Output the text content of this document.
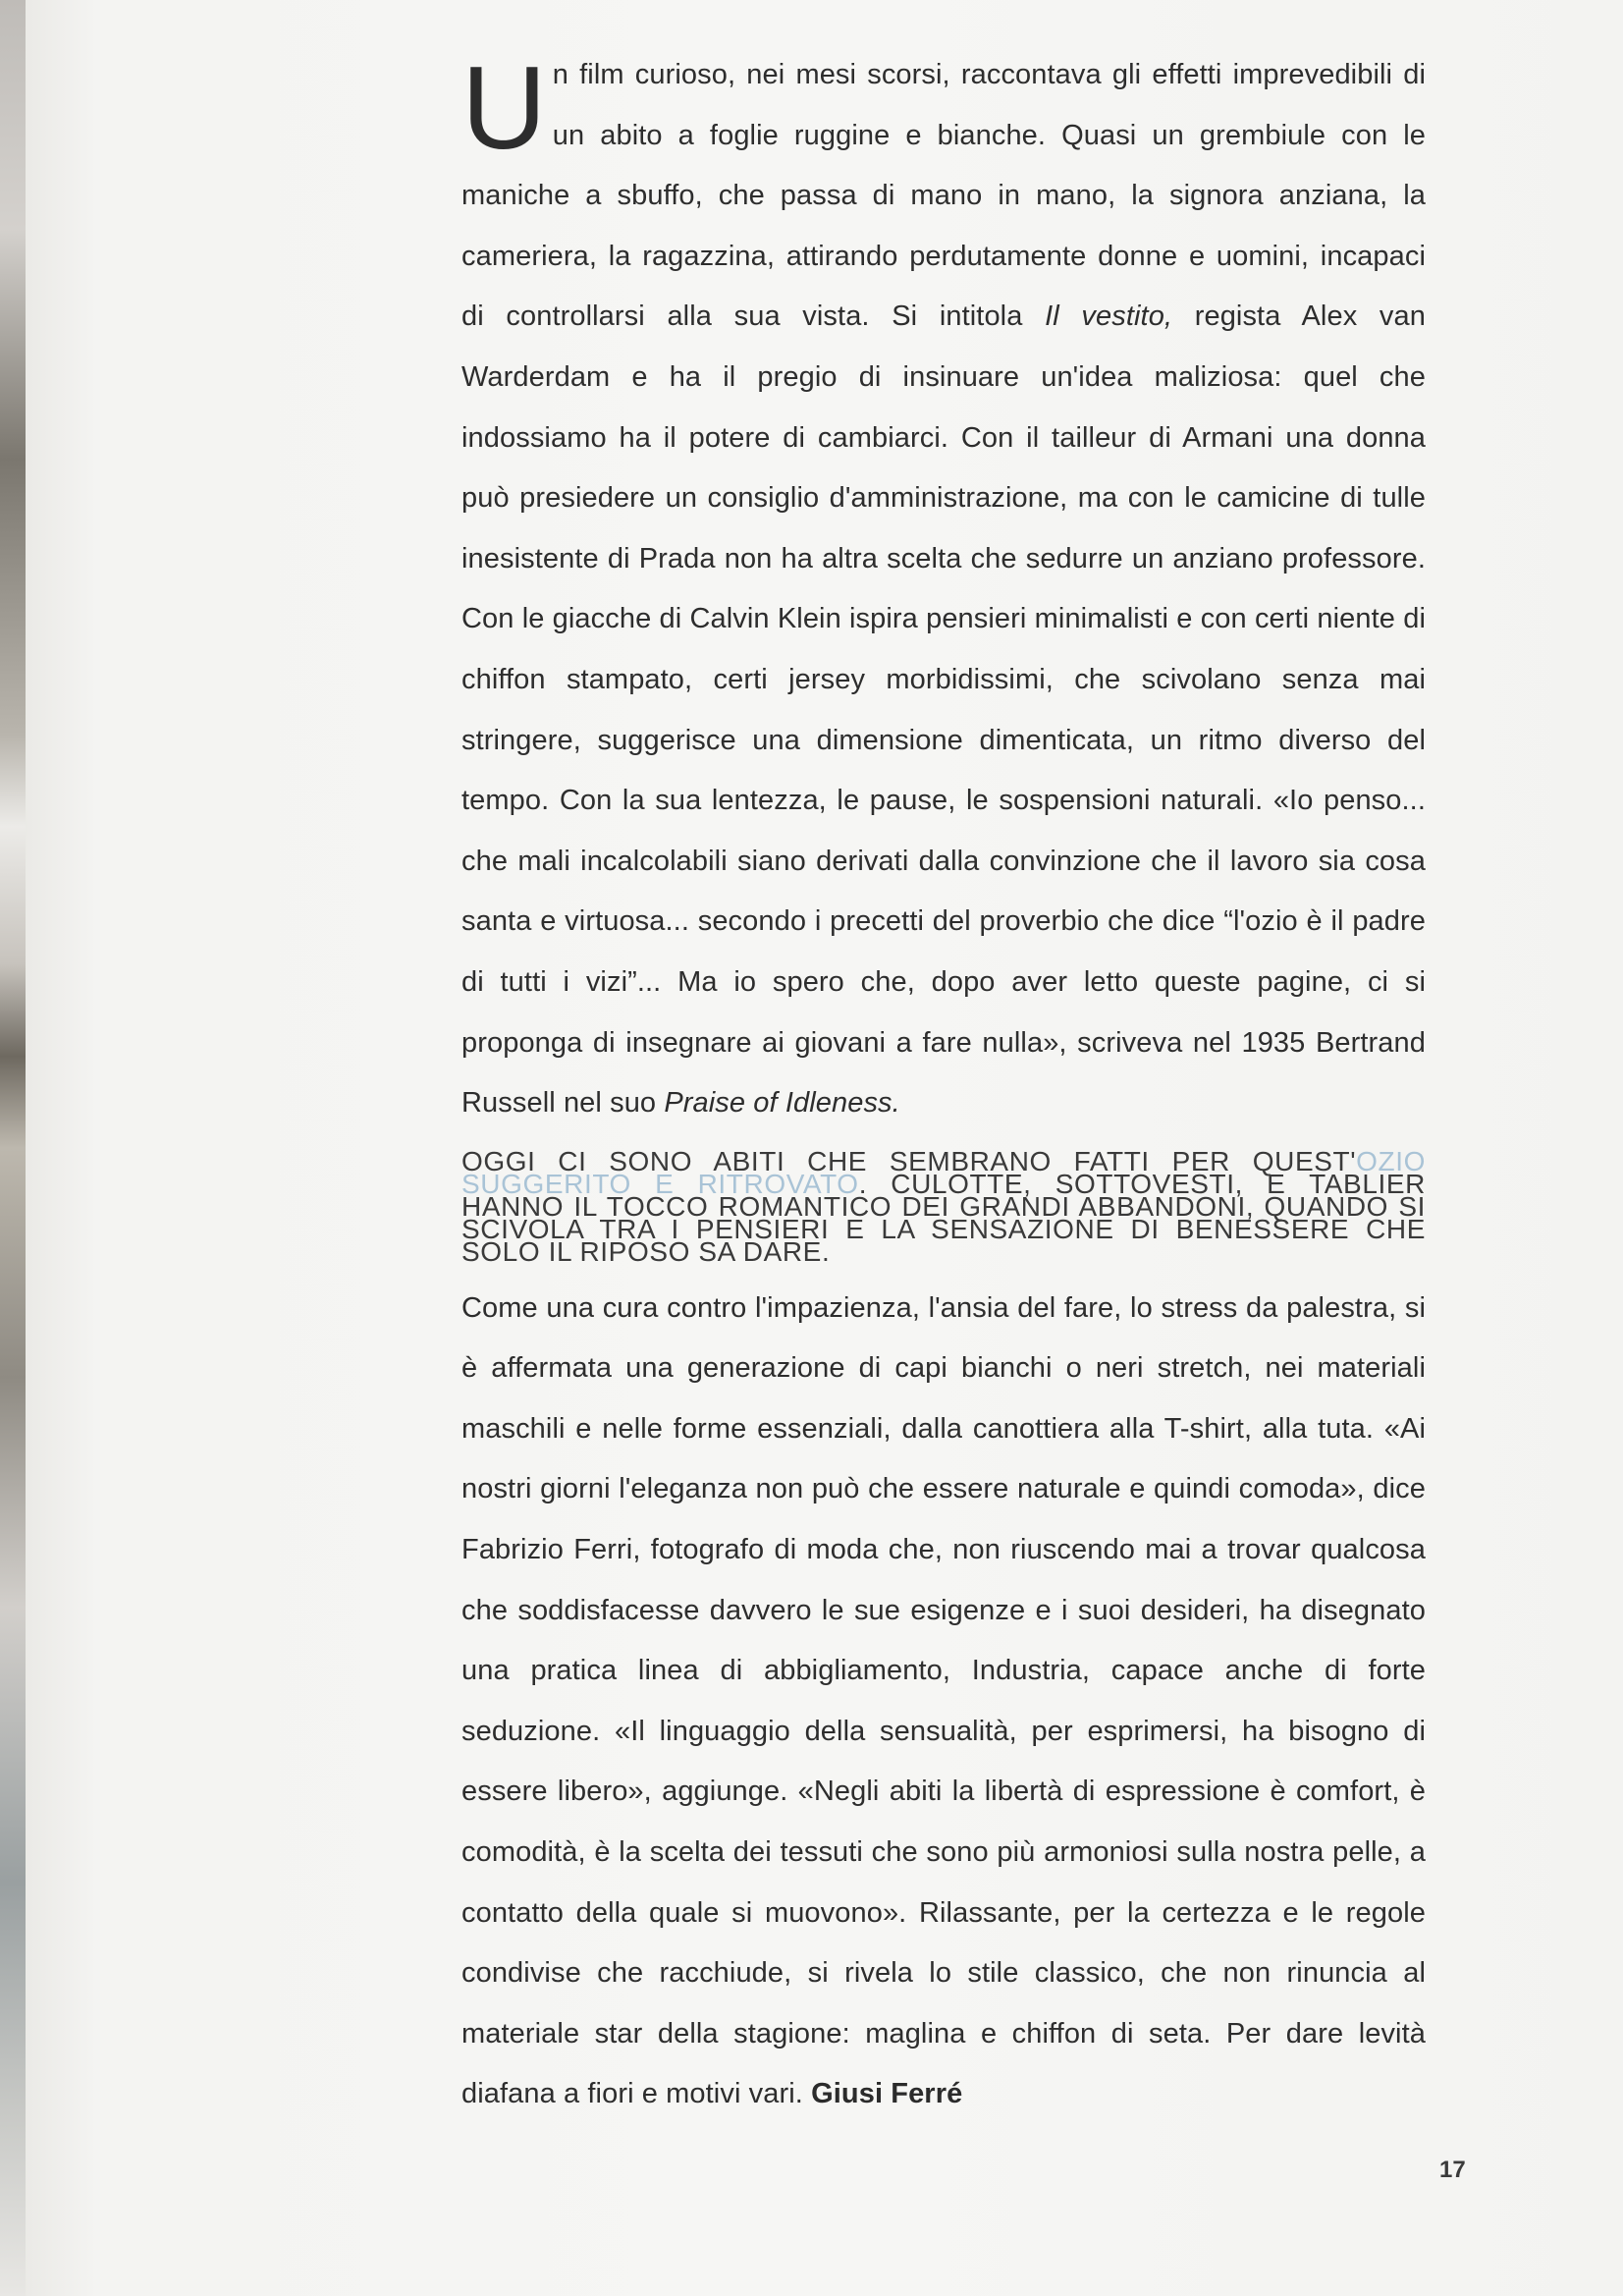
Un film curioso, nei mesi scorsi, raccontava gli effetti imprevedibili di un abito a foglie ruggine e bianche. Quasi un grembiule con le maniche a sbuffo, che passa di mano in mano, la signora anziana, la cameriera, la ragazzina, attirando perdutamente donne e uomini, incapaci di controllarsi alla sua vista. Si intitola Il vestito, regista Alex van Warderdam e ha il pregio di insinuare un'idea maliziosa: quel che indossiamo ha il potere di cambiarci. Con il tailleur di Armani una donna può presiedere un consiglio d'amministrazione, ma con le camicine di tulle inesistente di Prada non ha altra scelta che sedurre un anziano professore. Con le giacche di Calvin Klein ispira pensieri minimalisti e con certi niente di chiffon stampato, certi jersey morbidissimi, che scivolano senza mai stringere, suggerisce una dimensione dimenticata, un ritmo diverso del tempo. Con la sua lentezza, le pause, le sospensioni naturali. «Io penso... che mali incalcolabili siano derivati dalla convinzione che il lavoro sia cosa santa e virtuosa... secondo i precetti del proverbio che dice “l'ozio è il padre di tutti i vizi”... Ma io spero che, dopo aver letto queste pagine, ci si proponga di insegnare ai giovani a fare nulla», scriveva nel 1935 Bertrand Russell nel suo Praise of Idleness.

OGGI CI SONO ABITI CHE SEMBRANO FATTI PER QUEST'OZIO SUGGERITO E RITROVATO. CULOTTE, SOTTOVESTI, E TABLIER HANNO IL TOCCO ROMANTICO DEI GRANDI ABBANDONI, QUANDO SI SCIVOLA TRA I PENSIERI E LA SENSAZIONE DI BENESSERE CHE SOLO IL RIPOSO SA DARE.

Come una cura contro l'impazienza, l'ansia del fare, lo stress da palestra, si è affermata una generazione di capi bianchi o neri stretch, nei materiali maschili e nelle forme essenziali, dalla canottiera alla T-shirt, alla tuta. «Ai nostri giorni l'eleganza non può che essere naturale e quindi comoda», dice Fabrizio Ferri, fotografo di moda che, non riuscendo mai a trovar qualcosa che soddisfacesse davvero le sue esigenze e i suoi desideri, ha disegnato una pratica linea di abbigliamento, Industria, capace anche di forte seduzione. «Il linguaggio della sensualità, per esprimersi, ha bisogno di essere libero», aggiunge. «Negli abiti la libertà di espressione è comfort, è comodità, è la scelta dei tessuti che sono più armoniosi sulla nostra pelle, a contatto della quale si muovono». Rilassante, per la certezza e le regole condivise che racchiude, si rivela lo stile classico, che non rinuncia al materiale star della stagione: maglina e chiffon di seta. Per dare levità diafana a fiori e motivi vari. Giusi Ferré

17
